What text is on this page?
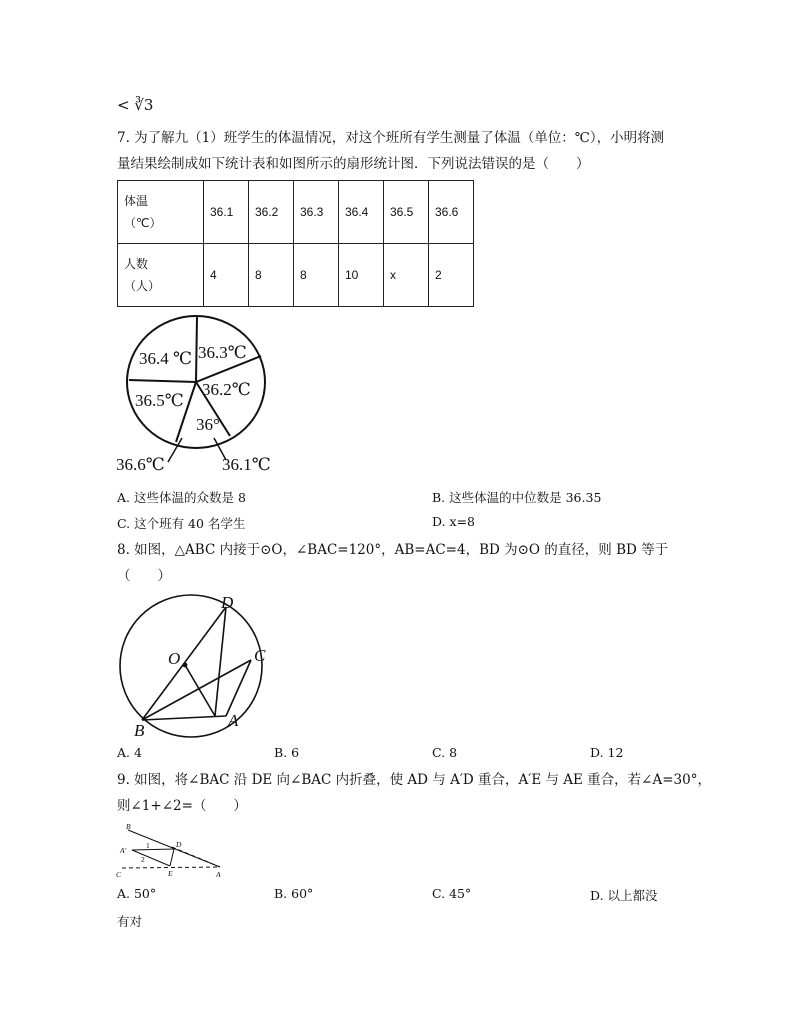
< ∛3
7. 为了解九（1）班学生的体温情况，对这个班所有学生测量了体温（单位：℃），小明将测
量结果绘制成如下统计表和如图所示的扇形统计图．下列说法错误的是（　　）
体温
（℃）	36.1	36.2	36.3	36.4	36.5	36.6

人数
（人）	4	8	8	10	x	2
36.4 ℃ 36.3℃
36.2℃
36.5℃
36°
36.6℃	36.1℃
A. 这些体温的众数是 8	B. 这些体温的中位数是 36.35
C. 这个班有 40 名学生	D. x=8
8. 如图，△ABC 内接于⊙O，∠BAC=120°，AB=AC=4，BD 为⊙O 的直径，则 BD 等于
（　　）
D
O	C
B
A
A. 4	B. 6	C. 8	D. 12
9. 如图，将∠BAC 沿 DE 向∠BAC 内折叠，使 AD 与 A′D 重合，A′E 与 AE 重合，若∠A=30°，
则∠1+∠2=（　　）
B
A′
1	D
2
C	E	A
A. 50°	B. 60°	C. 45°	D. 以上都没
有对
